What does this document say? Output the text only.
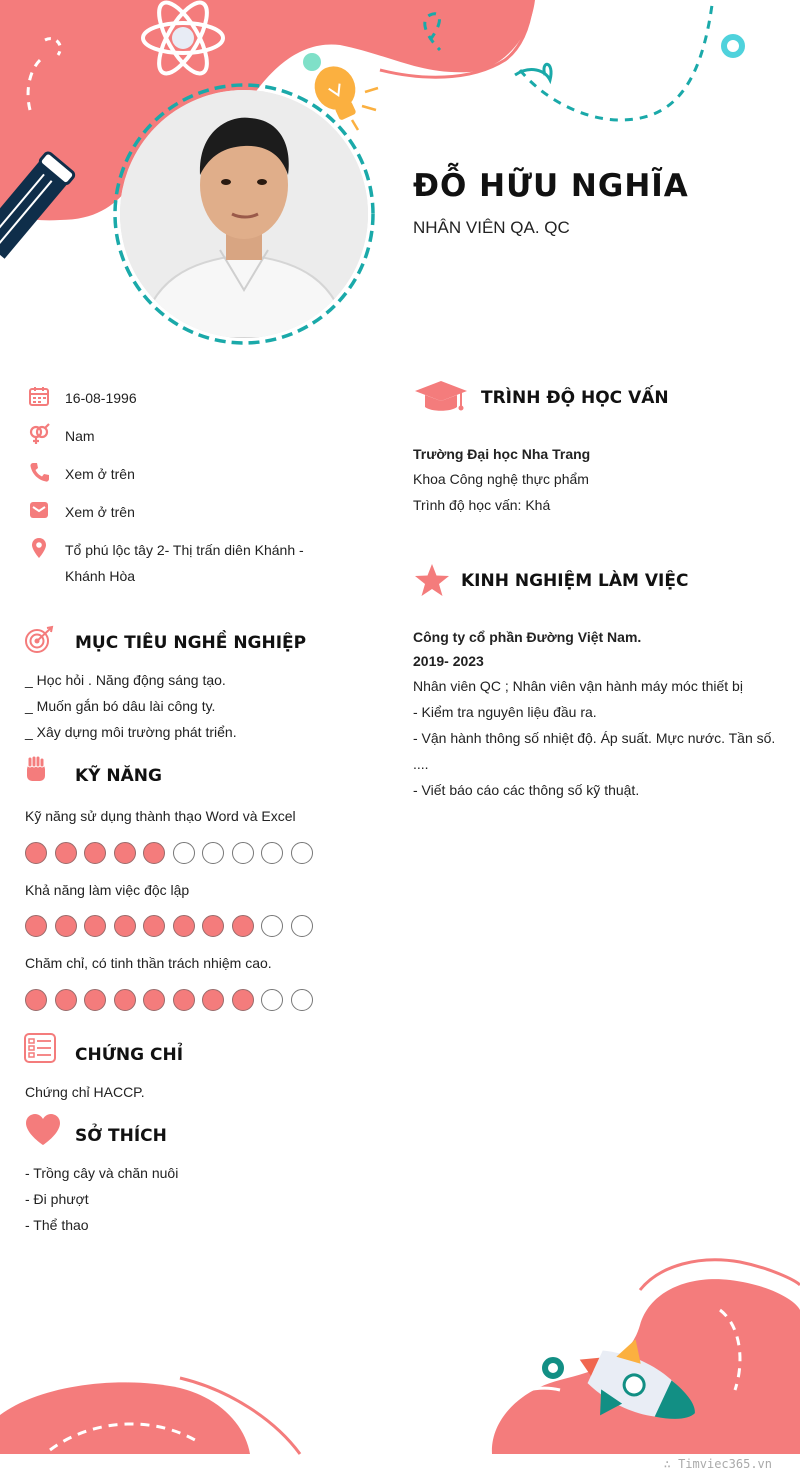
ĐỖ HỮU NGHĨA
NHÂN VIÊN QA. QC
16-08-1996
Nam
Xem ở trên
Xem ở trên
Tổ phú lộc tây 2- Thị trấn diên Khánh -
Khánh Hòa
MỤC TIÊU NGHỀ NGHIỆP
_ Học hỏi . Năng động sáng tạo.
_ Muốn gắn bó dâu lài công ty.
_ Xây dựng môi trường phát triển.
KỸ NĂNG
Kỹ năng sử dụng thành thạo Word và Excel
Khả năng làm việc độc lập
Chăm chỉ, có tinh thần trách nhiệm cao.
CHỨNG CHỈ
Chứng chỉ HACCP.
SỞ THÍCH
- Trồng cây và chăn nuôi
- Đi phượt
- Thể thao
TRÌNH ĐỘ HỌC VẤN
Trường Đại học Nha Trang
Khoa Công nghệ thực phẩm
Trình độ học vấn: Khá
KINH NGHIỆM LÀM VIỆC
Công ty cổ phần Đường Việt Nam.
2019- 2023
Nhân viên QC ; Nhân viên vận hành máy móc thiết bị
- Kiểm tra nguyên liệu đầu ra.
- Vận hành thông số nhiệt độ. Áp suất. Mực nước. Tần số.
....
- Viết báo cáo các thông số kỹ thuật.
∴ Timviec365.vn
